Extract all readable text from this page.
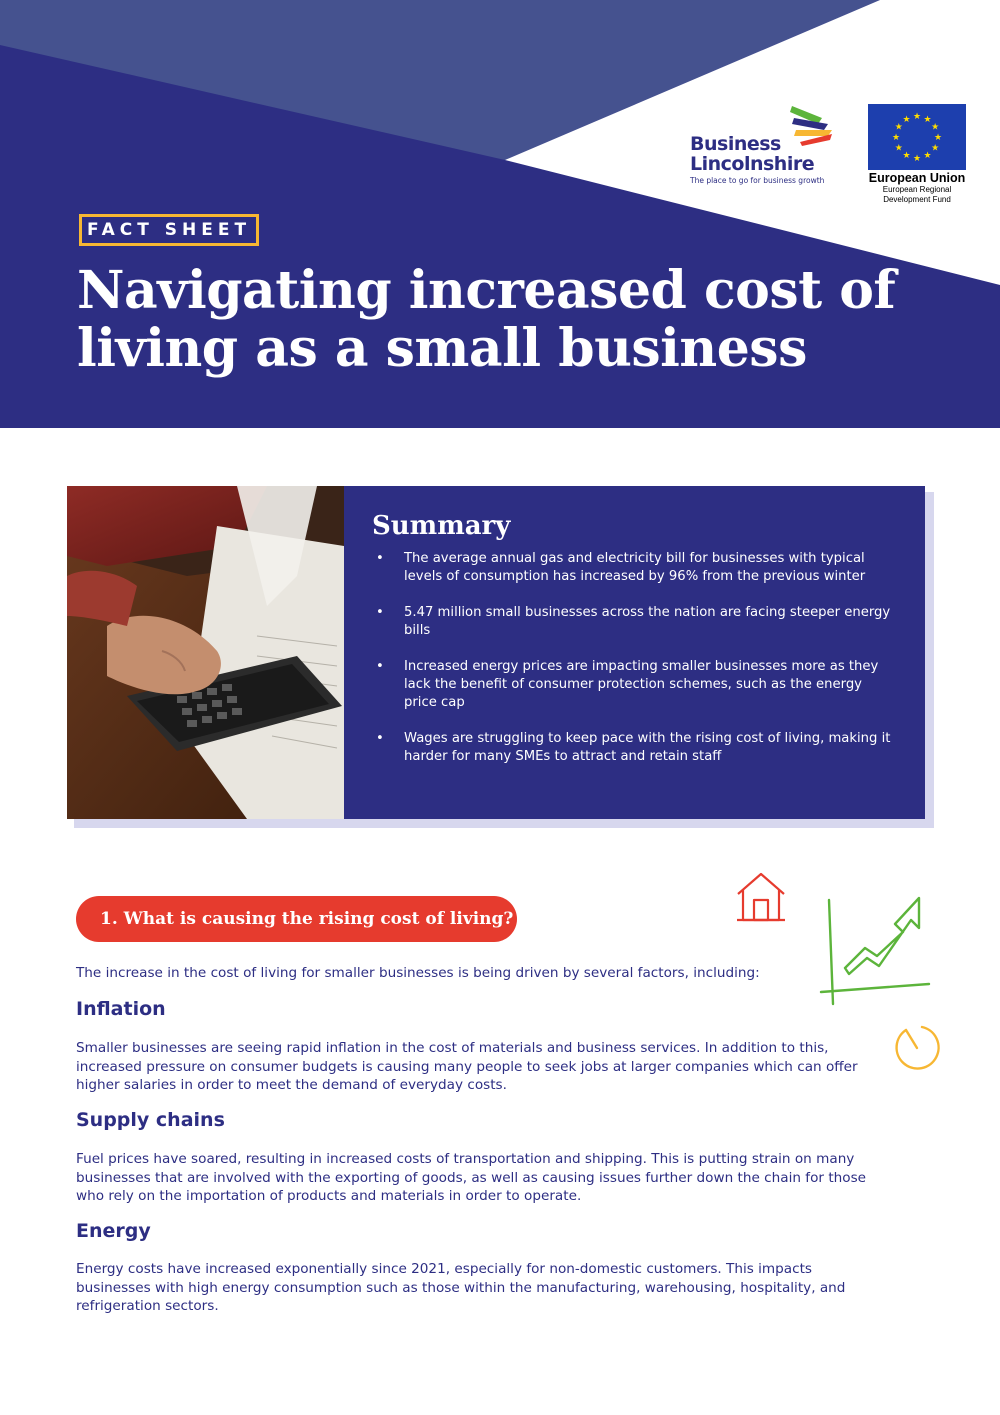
Business
Lincolnshire
The place to go for business growth
★ ★
★
★
★
★
★
★
★
★
★
★
European Union
European Regional
Development Fund
FACT SHEET
Navigating increased cost of living as a small business
Summary
• The average annual gas and electricity bill for businesses with typical levels of consumption has increased by 96% from the previous winter
• 5.47 million small businesses across the nation are facing steeper energy bills
• Increased energy prices are impacting smaller businesses more as they lack the benefit of consumer protection schemes, such as the energy price cap
• Wages are struggling to keep pace with the rising cost of living, making it harder for many SMEs to attract and retain staff
1. What is causing the rising cost of living?

The increase in the cost of living for smaller businesses is being driven by several factors, including:

Inflation

Smaller businesses are seeing rapid inflation in the cost of materials and business services. In addition to this, increased pressure on consumer budgets is causing many people to seek jobs at larger companies which can offer higher salaries in order to meet the demand of everyday costs.

Supply chains

Fuel prices have soared, resulting in increased costs of transportation and shipping. This is putting strain on many businesses that are involved with the exporting of goods, as well as causing issues further down the chain for those who rely on the importation of products and materials in order to operate.

Energy

Energy costs have increased exponentially since 2021, especially for non-domestic customers. This impacts businesses with high energy consumption such as those within the manufacturing, warehousing, hospitality, and refrigeration sectors.
